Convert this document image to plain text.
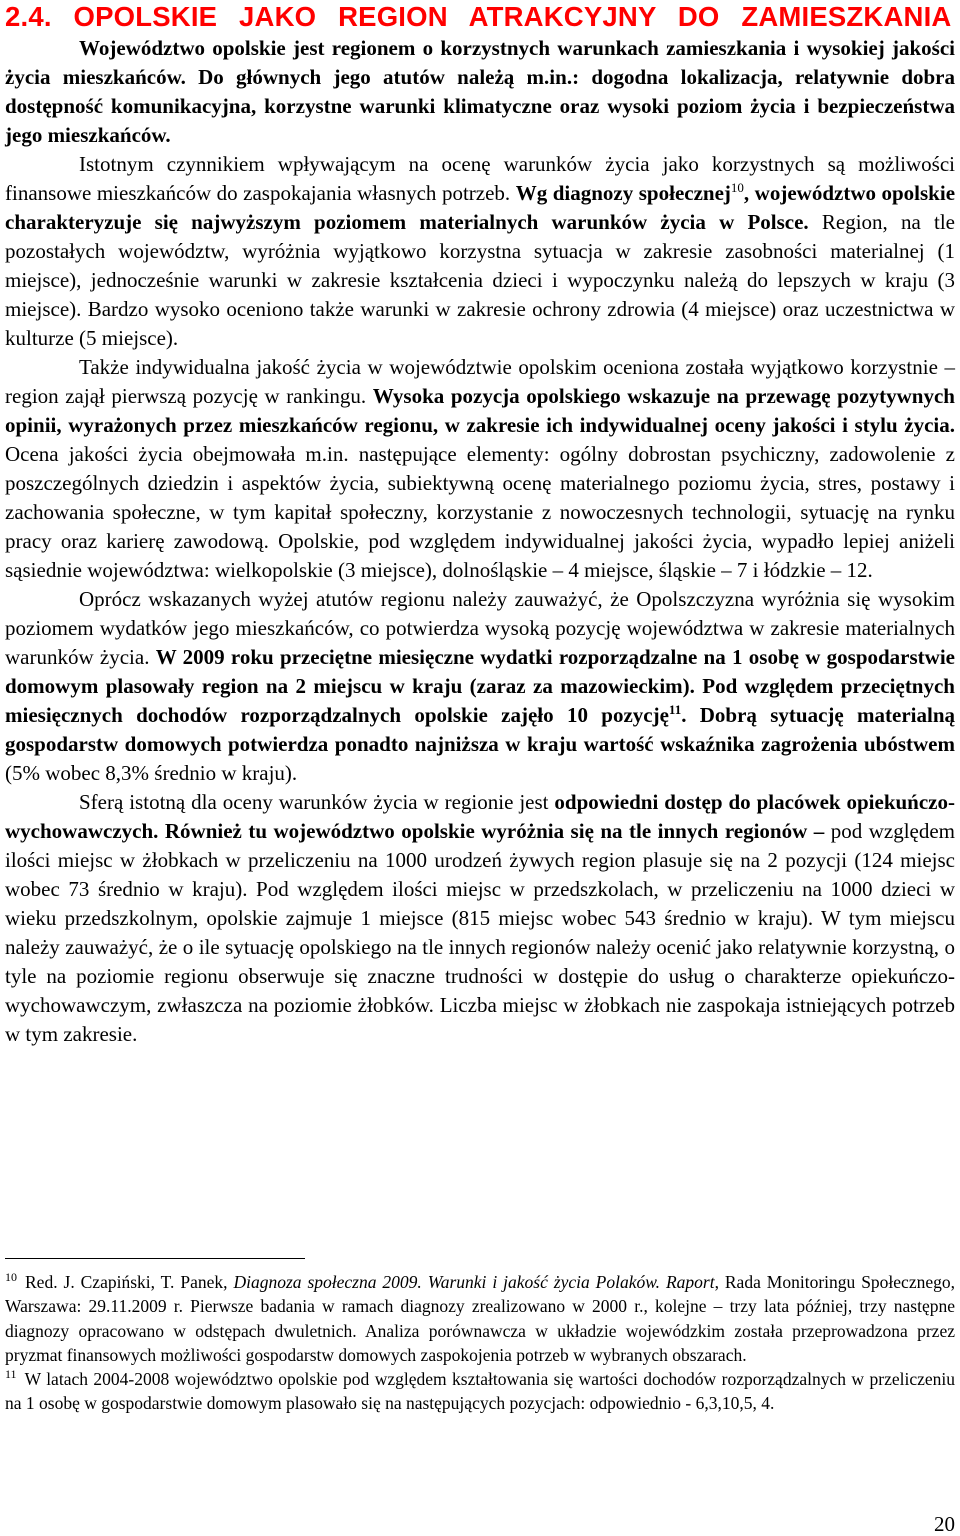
2.4. OPOLSKIE JAKO REGION ATRAKCYJNY DO ZAMIESZKANIA

Województwo opolskie jest regionem o korzystnych warunkach zamieszkania i wysokiej jakości życia mieszkańców. Do głównych jego atutów należą m.in.: dogodna lokalizacja, relatywnie dobra dostępność komunikacyjna, korzystne warunki klimatyczne oraz wysoki poziom życia i bezpieczeństwa jego mieszkańców.

Istotnym czynnikiem wpływającym na ocenę warunków życia jako korzystnych są możliwości finansowe mieszkańców do zaspokajania własnych potrzeb. Wg diagnozy społecznej$^{10}$, województwo opolskie charakteryzuje się najwyższym poziomem materialnych warunków życia w Polsce. Region, na tle pozostałych województw, wyróżnia wyjątkowo korzystna sytuacja w zakresie zasobności materialnej (1 miejsce), jednocześnie warunki w zakresie kształcenia dzieci i wypoczynku należą do lepszych w kraju (3 miejsce). Bardzo wysoko oceniono także warunki w zakresie ochrony zdrowia (4 miejsce) oraz uczestnictwa w kulturze (5 miejsce).

Także indywidualna jakość życia w województwie opolskim oceniona została wyjątkowo korzystnie – region zajął pierwszą pozycję w rankingu. Wysoka pozycja opolskiego wskazuje na przewagę pozytywnych opinii, wyrażonych przez mieszkańców regionu, w zakresie ich indywidualnej oceny jakości i stylu życia. Ocena jakości życia obejmowała m.in. następujące elementy: ogólny dobrostan psychiczny, zadowolenie z poszczególnych dziedzin i aspektów życia, subiektywną ocenę materialnego poziomu życia, stres, postawy i zachowania społeczne, w tym kapitał społeczny, korzystanie z nowoczesnych technologii, sytuację na rynku pracy oraz karierę zawodową. Opolskie, pod względem indywidualnej jakości życia, wypadło lepiej aniżeli sąsiednie województwa: wielkopolskie (3 miejsce), dolnośląskie – 4 miejsce, śląskie – 7 i łódzkie – 12.

Oprócz wskazanych wyżej atutów regionu należy zauważyć, że Opolszczyzna wyróżnia się wysokim poziomem wydatków jego mieszkańców, co potwierdza wysoką pozycję województwa w zakresie materialnych warunków życia. W 2009 roku przeciętne miesięczne wydatki rozporządzalne na 1 osobę w gospodarstwie domowym plasowały region na 2 miejscu w kraju (zaraz za mazowieckim). Pod względem przeciętnych miesięcznych dochodów rozporządzalnych opolskie zajęło 10 pozycję$^{11}$. Dobrą sytuację materialną gospodarstw domowych potwierdza ponadto najniższa w kraju wartość wskaźnika zagrożenia ubóstwem (5% wobec 8,3% średnio w kraju).

Sferą istotną dla oceny warunków życia w regionie jest odpowiedni dostęp do placówek opiekuńczo-wychowawczych. Również tu województwo opolskie wyróżnia się na tle innych regionów – pod względem ilości miejsc w żłobkach w przeliczeniu na 1000 urodzeń żywych region plasuje się na 2 pozycji (124 miejsc wobec 73 średnio w kraju). Pod względem ilości miejsc w przedszkolach, w przeliczeniu na 1000 dzieci w wieku przedszkolnym, opolskie zajmuje 1 miejsce (815 miejsc wobec 543 średnio w kraju). W tym miejscu należy zauważyć, że o ile sytuację opolskiego na tle innych regionów należy ocenić jako relatywnie korzystną, o tyle na poziomie regionu obserwuje się znaczne trudności w dostępie do usług o charakterze opiekuńczo-wychowawczym, zwłaszcza na poziomie żłobków. Liczba miejsc w żłobkach nie zaspokaja istniejących potrzeb w tym zakresie.

$^{10}$ Red. J. Czapiński, T. Panek, Diagnoza społeczna 2009. Warunki i jakość życia Polaków. Raport, Rada Monitoringu Społecznego, Warszawa: 29.11.2009 r. Pierwsze badania w ramach diagnozy zrealizowano w 2000 r., kolejne – trzy lata później, trzy następne diagnozy opracowano w odstępach dwuletnich. Analiza porównawcza w układzie wojewódzkim została przeprowadzona przez pryzmat finansowych możliwości gospodarstw domowych zaspokojenia potrzeb w wybranych obszarach.

$^{11}$ W latach 2004-2008 województwo opolskie pod względem kształtowania się wartości dochodów rozporządzalnych w przeliczeniu na 1 osobę w gospodarstwie domowym plasowało się na następujących pozycjach: odpowiednio - 6,3,10,5, 4.

20
